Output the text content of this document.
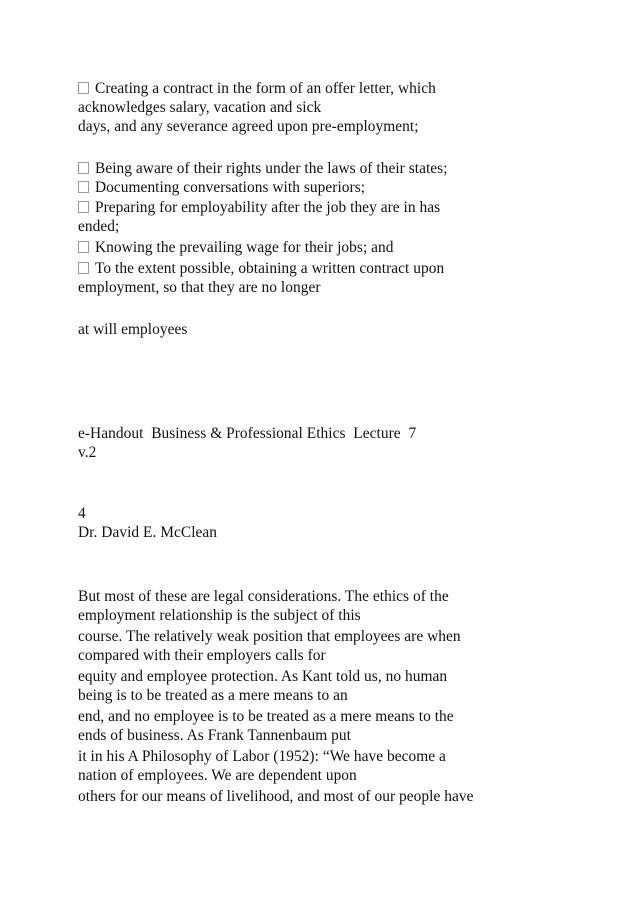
Creating a contract in the form of an offer letter, which

acknowledges salary, vacation and sick

days, and any severance agreed upon pre-employment;

Being aware of their rights under the laws of their states;

Documenting conversations with superiors;

Preparing for employability after the job they are in has

ended;

Knowing the prevailing wage for their jobs; and

To the extent possible, obtaining a written contract upon

employment, so that they are no longer

at will employees

e-Handout  Business & Professional Ethics  Lecture  7

v.2

4

Dr. David E. McClean

But most of these are legal considerations. The ethics of the

employment relationship is the subject of this

course. The relatively weak position that employees are when

compared with their employers calls for

equity and employee protection. As Kant told us, no human

being is to be treated as a mere means to an

end, and no employee is to be treated as a mere means to the

ends of business. As Frank Tannenbaum put

it in his A Philosophy of Labor (1952): “We have become a

nation of employees. We are dependent upon

others for our means of livelihood, and most of our people have
